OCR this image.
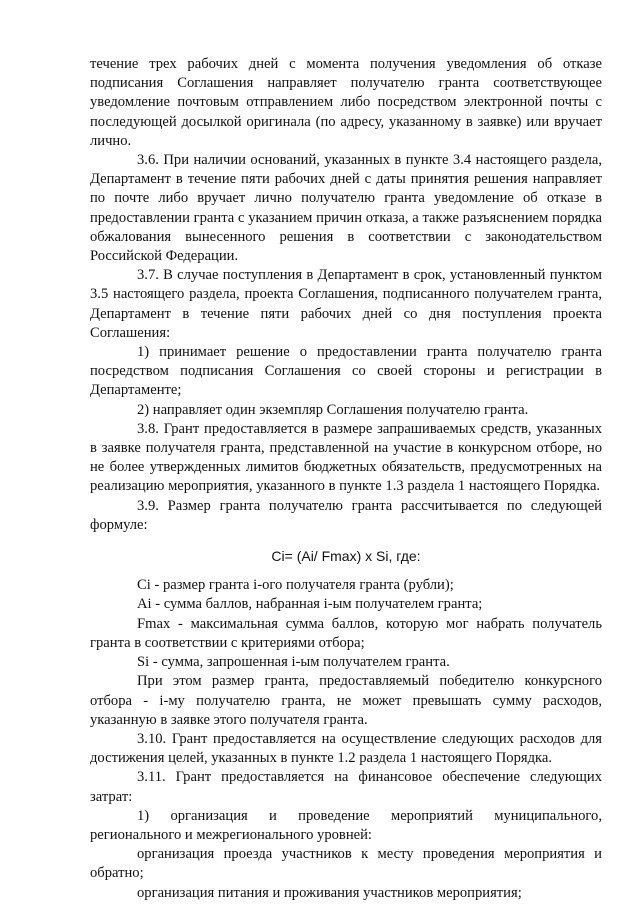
течение трех рабочих дней с момента получения уведомления об отказе подписания Соглашения направляет получателю гранта соответствующее уведомление почтовым отправлением либо посредством электронной почты с последующей досылкой оригинала (по адресу, указанному в заявке) или вручает лично.

3.6. При наличии оснований, указанных в пункте 3.4 настоящего раздела, Департамент в течение пяти рабочих дней с даты принятия решения направляет по почте либо вручает лично получателю гранта уведомление об отказе в предоставлении гранта с указанием причин отказа, а также разъяснением порядка обжалования вынесенного решения в соответствии с законодательством Российской Федерации.

3.7. В случае поступления в Департамент в срок, установленный пунктом 3.5 настоящего раздела, проекта Соглашения, подписанного получателем гранта, Департамент в течение пяти рабочих дней со дня поступления проекта Соглашения:

1) принимает решение о предоставлении гранта получателю гранта посредством подписания Соглашения со своей стороны и регистрации в Департаменте;

2) направляет один экземпляр Соглашения получателю гранта.

3.8. Грант предоставляется в размере запрашиваемых средств, указанных в заявке получателя гранта, представленной на участие в конкурсном отборе, но не более утвержденных лимитов бюджетных обязательств, предусмотренных на реализацию мероприятия, указанного в пункте 1.3 раздела 1 настоящего Порядка.

3.9. Размер гранта получателю гранта рассчитывается по следующей формуле:

Ci= (Ai/ Fmax) x Si, где:

Ci - размер гранта i-ого получателя гранта (рубли);

Ai - сумма баллов, набранная i-ым получателем гранта;

Fmax - максимальная сумма баллов, которую мог набрать получатель гранта в соответствии с критериями отбора;

Si - сумма, запрошенная i-ым получателем гранта.

При этом размер гранта, предоставляемый победителю конкурсного отбора - i-му получателю гранта, не может превышать сумму расходов, указанную в заявке этого получателя гранта.

3.10. Грант предоставляется на осуществление следующих расходов для достижения целей, указанных в пункте 1.2 раздела 1 настоящего Порядка.

3.11. Грант предоставляется на финансовое обеспечение следующих затрат:

1) организация и проведение мероприятий муниципального, регионального и межрегионального уровней:

организация проезда участников к месту проведения мероприятия и обратно;

организация питания и проживания участников мероприятия;
